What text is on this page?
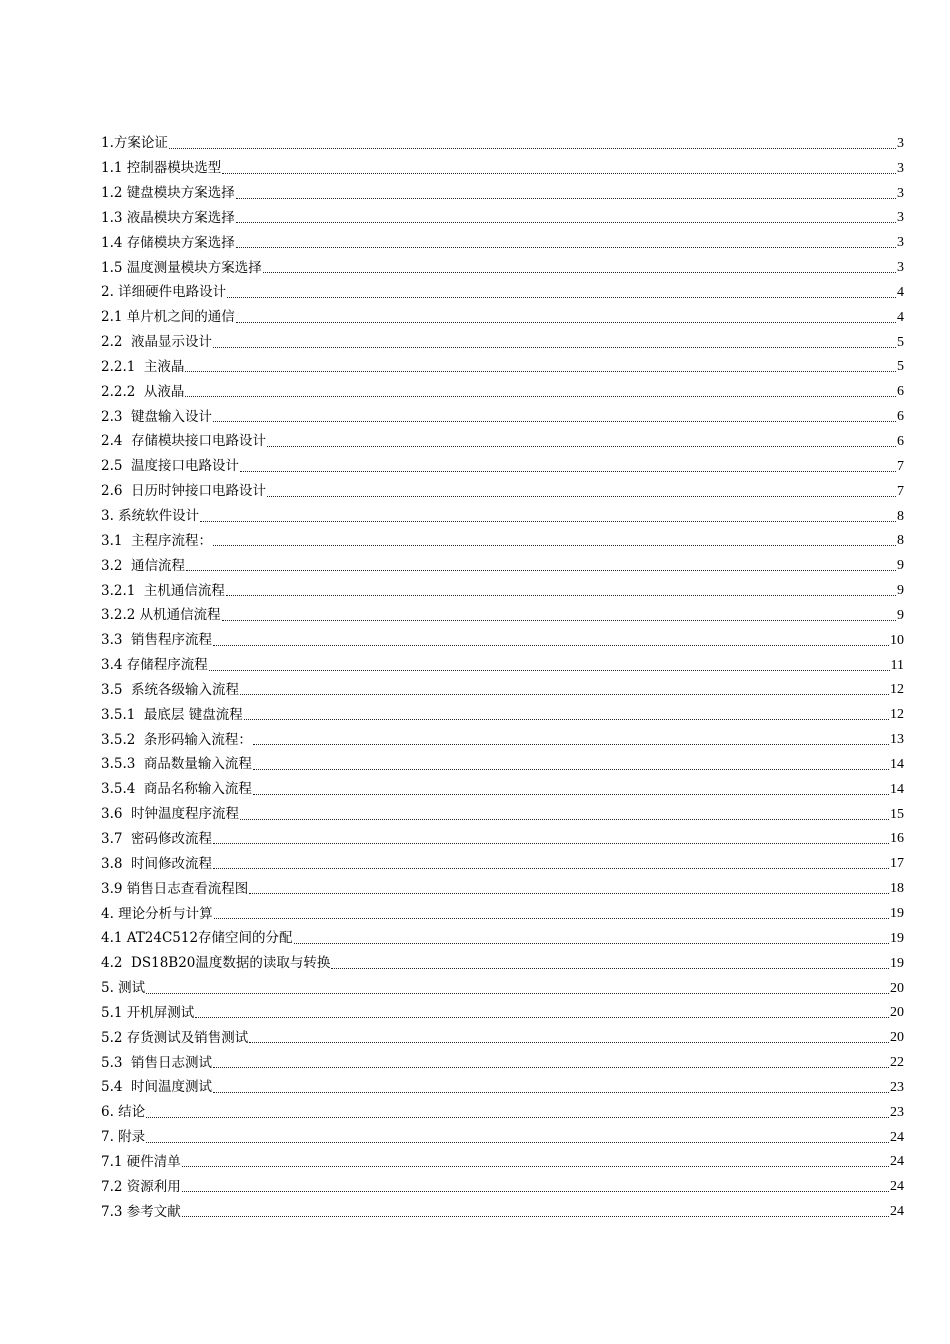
1.方案论证	3
1.1 控制器模块选型	3
1.2 键盘模块方案选择	3
1.3 液晶模块方案选择	3
1.4 存储模块方案选择	3
1.5 温度测量模块方案选择	3
2. 详细硬件电路设计	4
2.1 单片机之间的通信	4
2.2  液晶显示设计	5
2.2.1  主液晶	5
2.2.2  从液晶	6
2.3  键盘输入设计	6
2.4  存储模块接口电路设计	6
2.5  温度接口电路设计	7
2.6  日历时钟接口电路设计	7
3. 系统软件设计	8
3.1  主程序流程：	8
3.2  通信流程	9
3.2.1  主机通信流程	9
3.2.2 从机通信流程	9
3.3  销售程序流程	10
3.4 存储程序流程	11
3.5  系统各级输入流程	12
3.5.1  最底层 键盘流程	12
3.5.2  条形码输入流程：	13
3.5.3  商品数量输入流程	14
3.5.4  商品名称输入流程	14
3.6  时钟温度程序流程	15
3.7  密码修改流程	16
3.8  时间修改流程	17
3.9 销售日志查看流程图	18
4. 理论分析与计算	19
4.1 AT24C512存储空间的分配	19
4.2  DS18B20温度数据的读取与转换	19
5. 测试	20
5.1 开机屏测试	20
5.2 存货测试及销售测试	20
5.3  销售日志测试	22
5.4  时间温度测试	23
6. 结论	23
7. 附录	24
7.1 硬件清单	24
7.2 资源利用	24
7.3 参考文献	24
